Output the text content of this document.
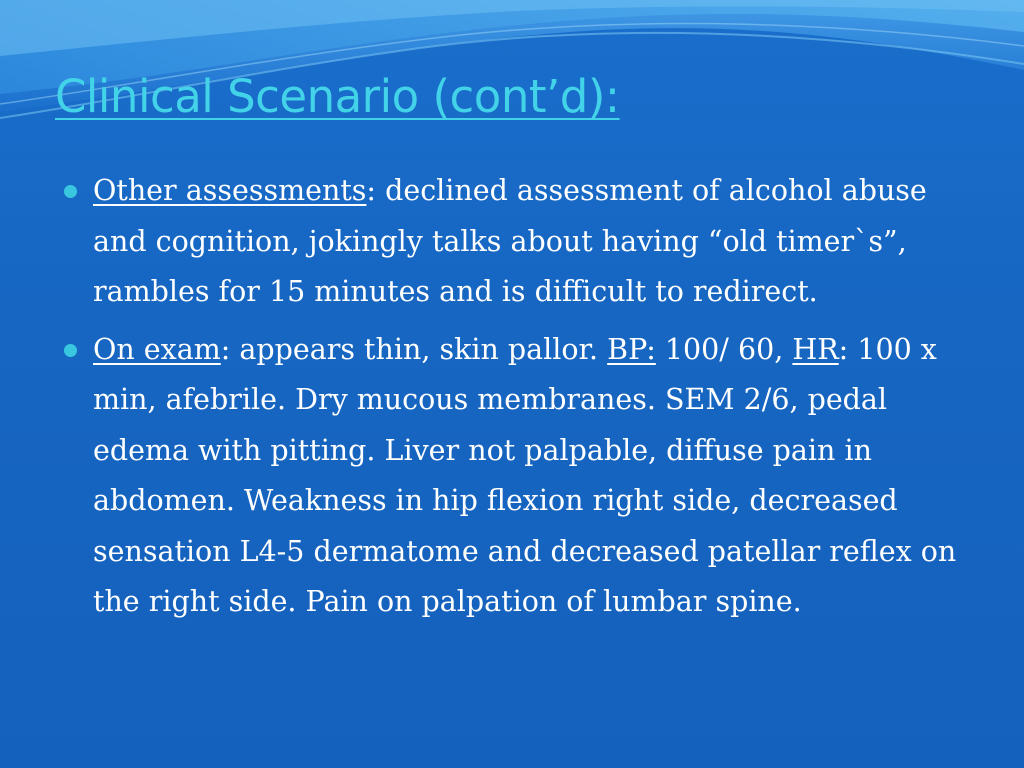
Clinical Scenario (cont’d):
Other assessments: declined assessment of alcohol abuse and cognition, jokingly talks about having “old timer`s”, rambles for 15 minutes and is difficult to redirect.
On exam: appears thin, skin pallor. BP: 100/ 60, HR: 100 x min, afebrile. Dry mucous membranes. SEM 2/6, pedal edema with pitting. Liver not palpable, diffuse pain in abdomen. Weakness in hip flexion right side, decreased sensation L4-5 dermatome and decreased patellar reflex on the right side. Pain on palpation of lumbar spine.
